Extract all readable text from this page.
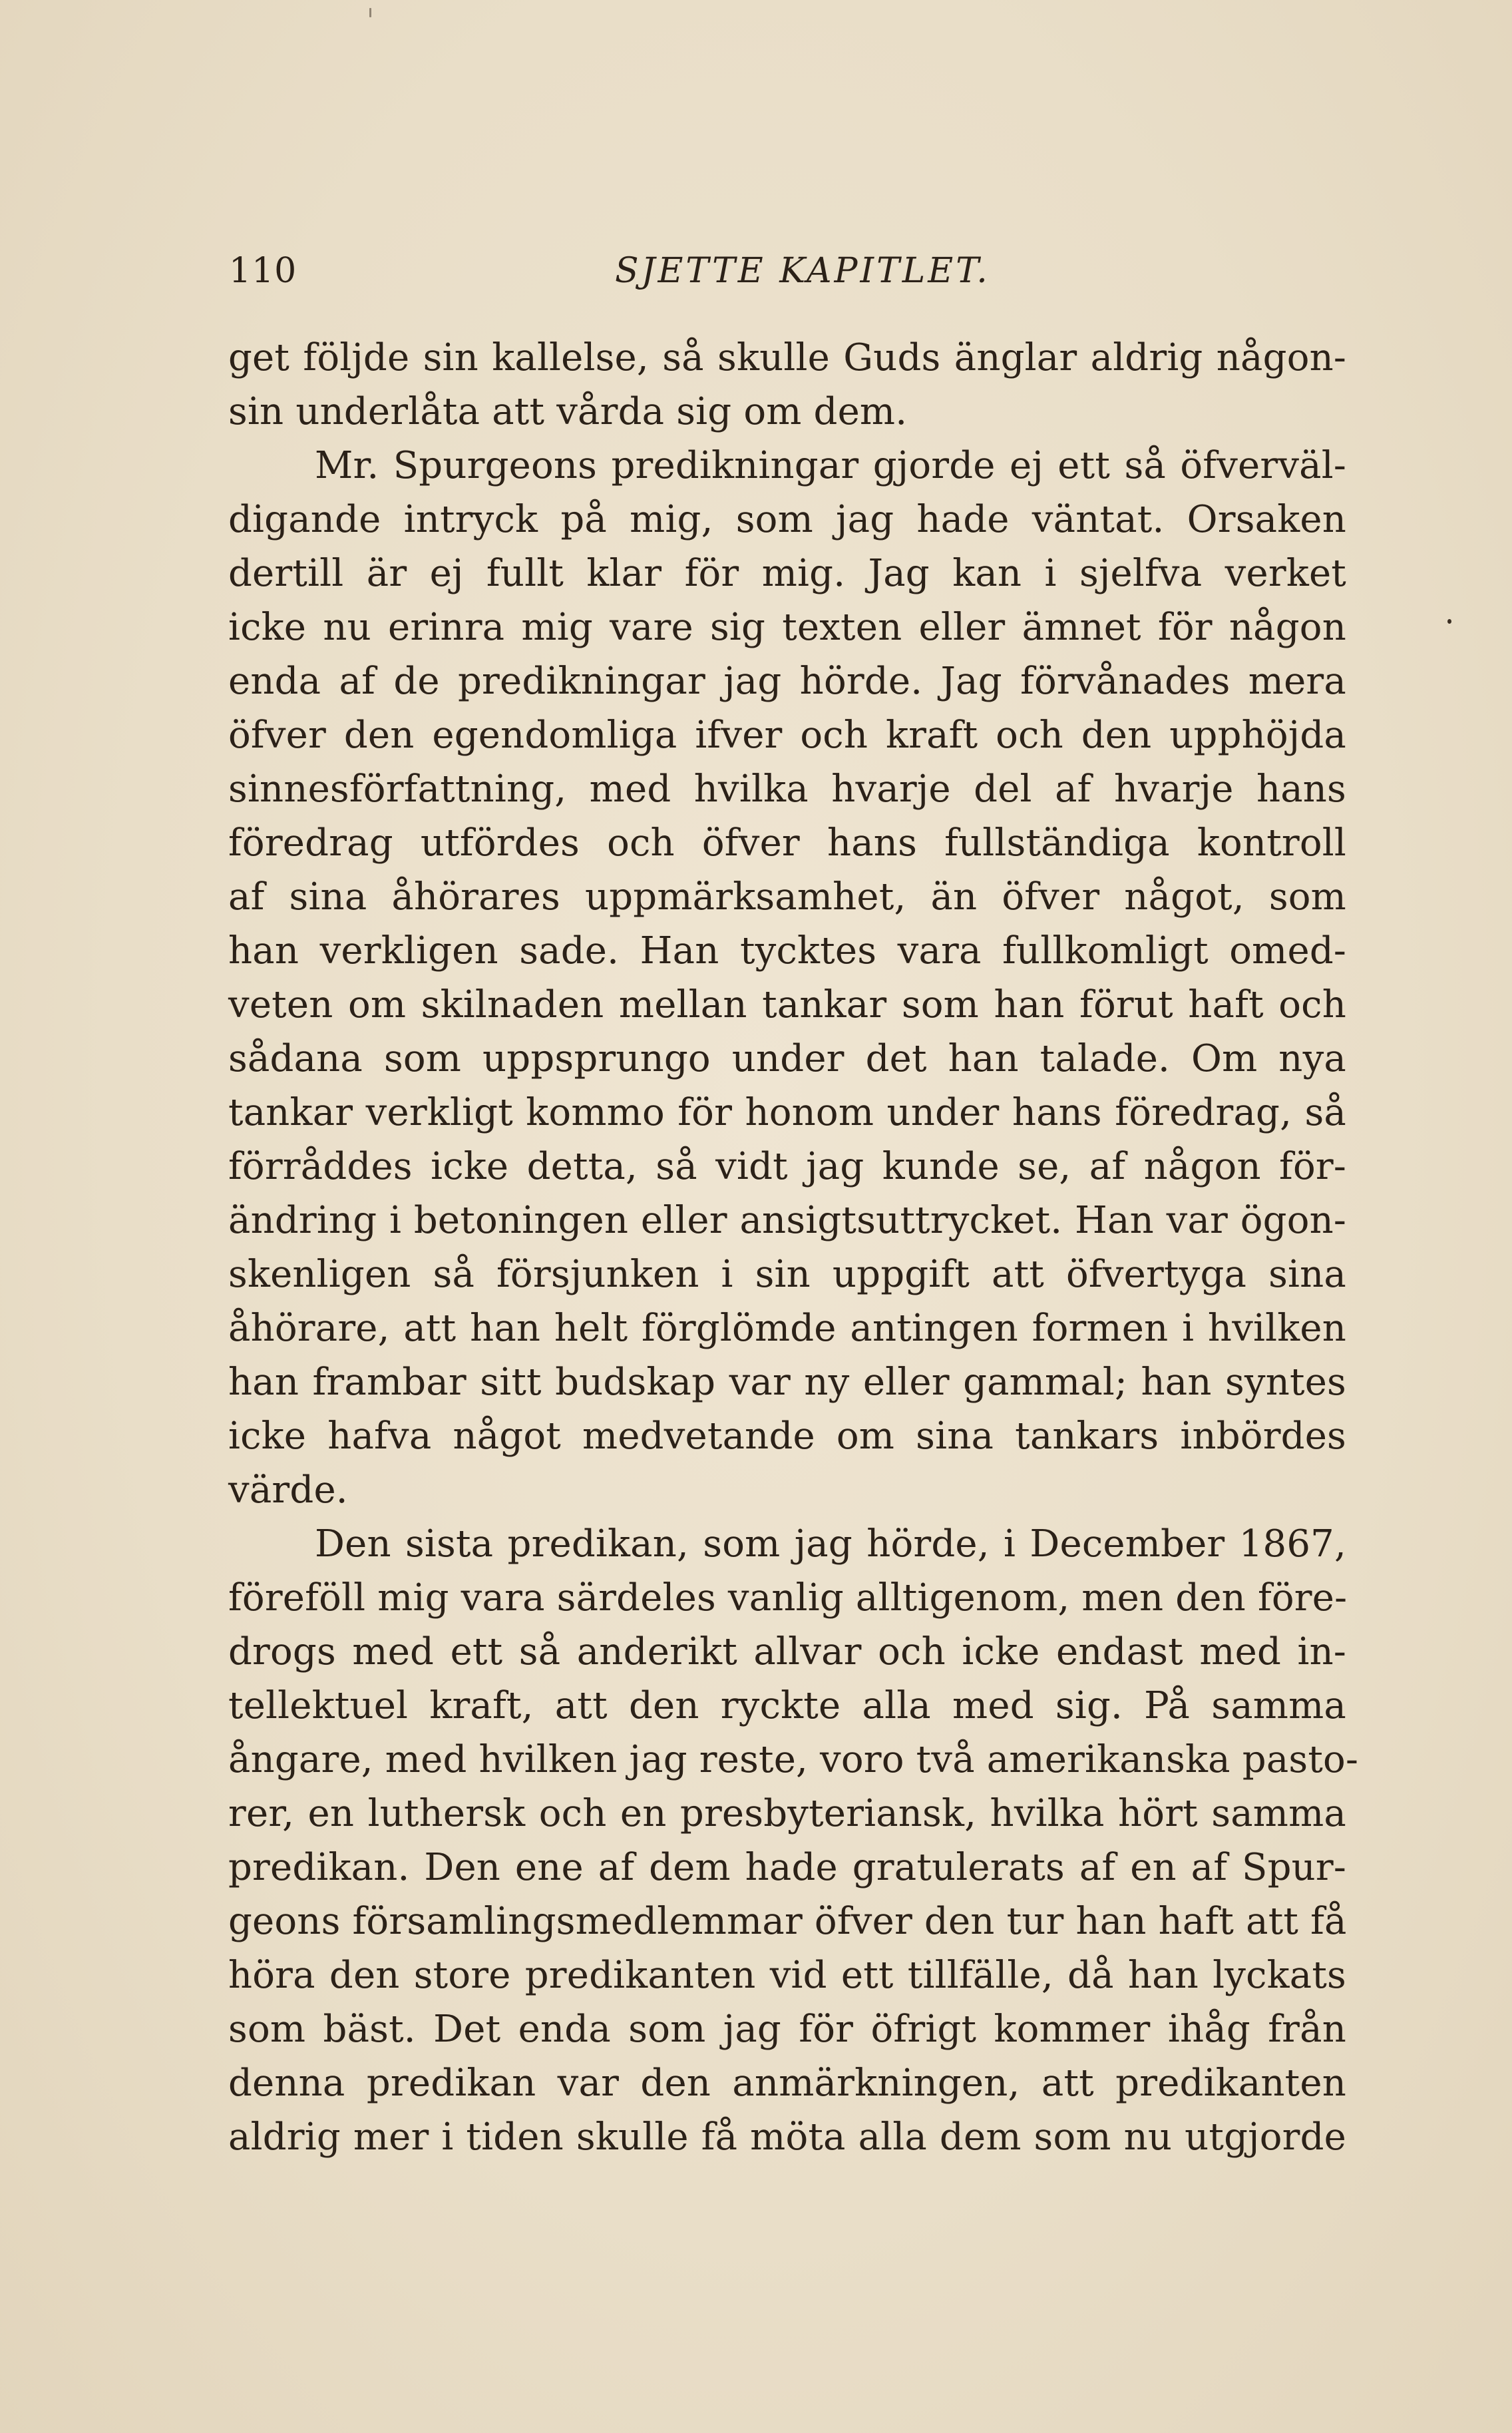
110	SJETTE KAPITLET.
get följde sin kallelse, så skulle Guds änglar aldrig någon-
sin underlåta att vårda sig om dem.
Mr. Spurgeons predikningar gjorde ej ett så öfverväl-
digande intryck på mig, som jag hade väntat. Orsaken
dertill är ej fullt klar för mig. Jag kan i sjelfva verket
icke nu erinra mig vare sig texten eller ämnet för någon
enda af de predikningar jag hörde. Jag förvånades mera
öfver den egendomliga ifver och kraft och den upphöjda
sinnesförfattning, med hvilka hvarje del af hvarje hans
föredrag utfördes och öfver hans fullständiga kontroll
af sina åhörares uppmärksamhet, än öfver något, som
han verkligen sade. Han tycktes vara fullkomligt omed-
veten om skilnaden mellan tankar som han förut haft och
sådana som uppsprungo under det han talade. Om nya
tankar verkligt kommo för honom under hans föredrag, så
förråddes icke detta, så vidt jag kunde se, af någon för-
ändring i betoningen eller ansigtsuttrycket. Han var ögon-
skenligen så försjunken i sin uppgift att öfvertyga sina
åhörare, att han helt förglömde antingen formen i hvilken
han frambar sitt budskap var ny eller gammal; han syntes
icke hafva något medvetande om sina tankars inbördes
värde.
Den sista predikan, som jag hörde, i December 1867,
föreföll mig vara särdeles vanlig alltigenom, men den före-
drogs med ett så anderikt allvar och icke endast med in-
tellektuel kraft, att den ryckte alla med sig. På samma
ångare, med hvilken jag reste, voro två amerikanska pasto-
rer, en luthersk och en presbyteriansk, hvilka hört samma
predikan. Den ene af dem hade gratulerats af en af Spur-
geons församlingsmedlemmar öfver den tur han haft att få
höra den store predikanten vid ett tillfälle, då han lyckats
som bäst. Det enda som jag för öfrigt kommer ihåg från
denna predikan var den anmärkningen, att predikanten
aldrig mer i tiden skulle få möta alla dem som nu utgjorde
